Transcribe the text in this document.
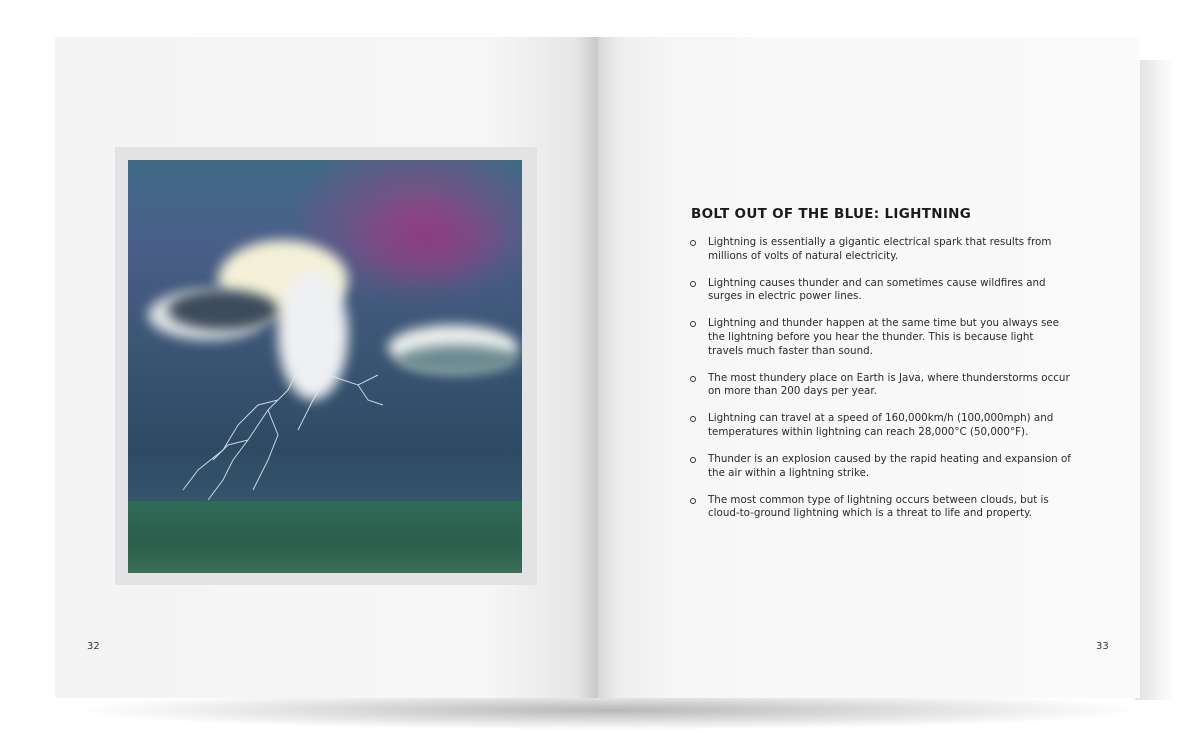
32
BOLT OUT OF THE BLUE: LIGHTNING
Lightning is essentially a gigantic electrical spark that results from millions of volts of natural electricity.
Lightning causes thunder and can sometimes cause wildfires and surges in electric power lines.
Lightning and thunder happen at the same time but you always see the lightning before you hear the thunder. This is because light travels much faster than sound.
The most thundery place on Earth is Java, where thunderstorms occur on more than 200 days per year.
Lightning can travel at a speed of 160,000km/h (100,000mph) and temperatures within lightning can reach 28,000°C (50,000°F).
Thunder is an explosion caused by the rapid heating and expansion of the air within a lightning strike.
The most common type of lightning occurs between clouds, but is cloud-to-ground lightning which is a threat to life and property.
33
